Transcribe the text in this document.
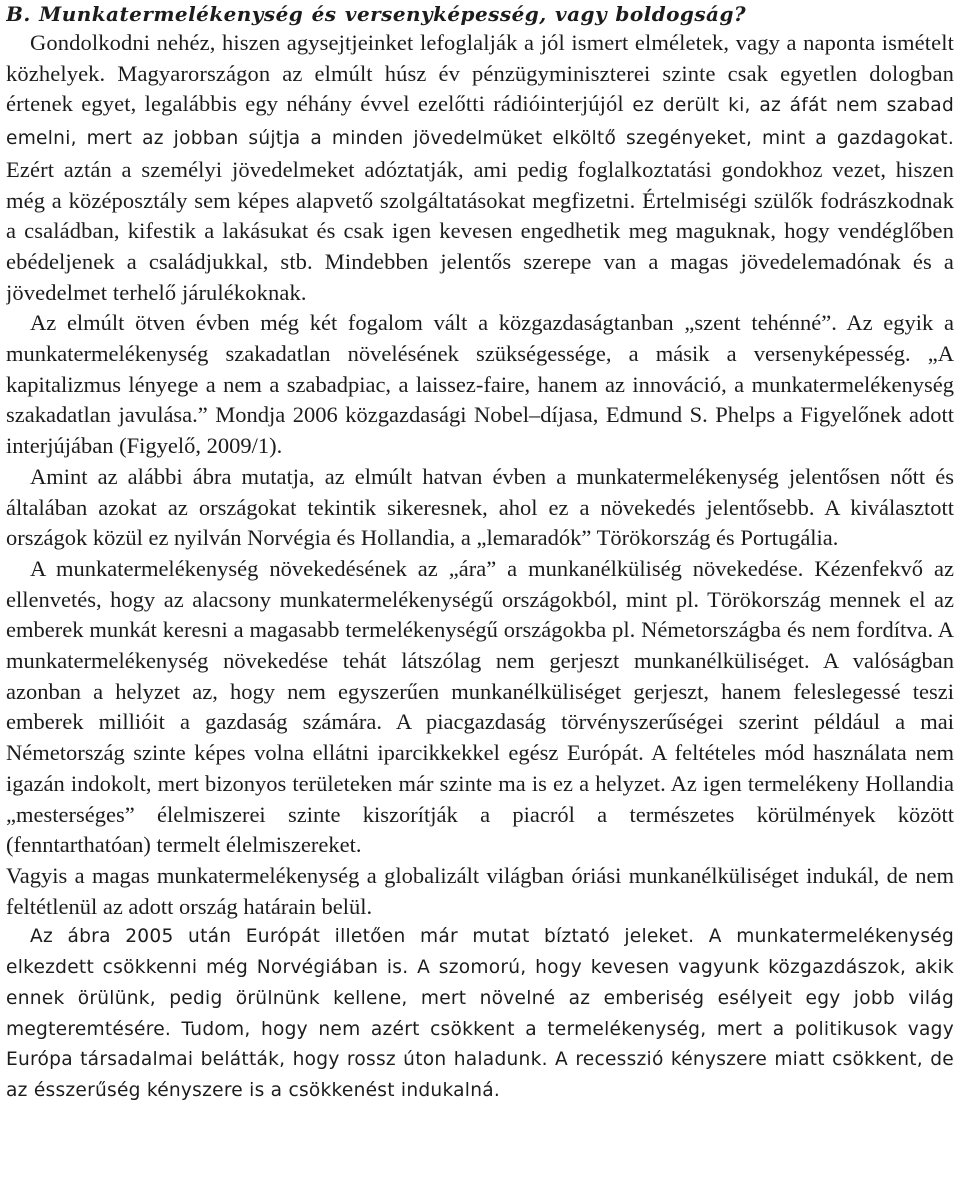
B. Munkatermelékenység és versenyképesség, vagy boldogság?

Gondolkodni nehéz, hiszen agysejtjeinket lefoglalják a jól ismert elméletek, vagy a naponta ismételt közhelyek. Magyarországon az elmúlt húsz év pénzügyminiszterei szinte csak egyetlen dologban értenek egyet, legalábbis egy néhány évvel ezelőtti rádióinterjújól ez derült ki, az áfát nem szabad emelni, mert az jobban sújtja a minden jövedelmüket elköltő szegényeket, mint a gazdagokat. Ezért aztán a személyi jövedelmeket adóztatják, ami pedig foglalkoztatási gondokhoz vezet, hiszen még a középosztály sem képes alapvető szolgáltatásokat megfizetni. Értelmiségi szülők fodrászkodnak a családban, kifestik a lakásukat és csak igen kevesen engedhetik meg maguknak, hogy vendéglőben ebédeljenek a családjukkal, stb. Mindebben jelentős szerepe van a magas jövedelemadónak és a jövedelmet terhelő járulékoknak.

Az elmúlt ötven évben még két fogalom vált a közgazdaságtanban „szent tehénné”. Az egyik a munkatermelékenység szakadatlan növelésének szükségessége, a másik a versenyképesség. „A kapitalizmus lényege a nem a szabadpiac, a laissez-faire, hanem az innováció, a munkatermelékenység szakadatlan javulása.” Mondja 2006 közgazdasági Nobel–díjasa, Edmund S. Phelps a Figyelőnek adott interjújában (Figyelő, 2009/1).

Amint az alábbi ábra mutatja, az elmúlt hatvan évben a munkatermelékenység jelentősen nőtt és általában azokat az országokat tekintik sikeresnek, ahol ez a növekedés jelentősebb. A kiválasztott országok közül ez nyilván Norvégia és Hollandia, a „lemaradók” Törökország és Portugália.

A munkatermelékenység növekedésének az „ára” a munkanélküliség növekedése. Kézenfekvő az ellenvetés, hogy az alacsony munkatermelékenységű országokból, mint pl. Törökország mennek el az emberek munkát keresni a magasabb termelékenységű országokba pl. Németországba és nem fordítva. A munkatermelékenység növekedése tehát látszólag nem gerjeszt munkanélküliséget. A valóságban azonban a helyzet az, hogy nem egyszerűen munkanélküliséget gerjeszt, hanem feleslegessé teszi emberek millióit a gazdaság számára. A piacgazdaság törvényszerűségei szerint például a mai Németország szinte képes volna ellátni iparcikkekkel egész Európát. A feltételes mód használata nem igazán indokolt, mert bizonyos területeken már szinte ma is ez a helyzet. Az igen termelékeny Hollandia „mesterséges” élelmiszerei szinte kiszorítják a piacról a természetes körülmények között (fenntarthatóan) termelt élelmiszereket.

Vagyis a magas munkatermelékenység a globalizált világban óriási munkanélküliséget indukál, de nem feltétlenül az adott ország határain belül.

Az ábra 2005 után Európát illetően már mutat bíztató jeleket. A munkatermelékenység elkezdett csökkenni még Norvégiában is. A szomorú, hogy kevesen vagyunk közgazdászok, akik ennek örülünk, pedig örülnünk kellene, mert növelné az emberiség esélyeit egy jobb világ megteremtésére. Tudom, hogy nem azért csökkent a termelékenység, mert a politikusok vagy Európa társadalmai belátták, hogy rossz úton haladunk. A recesszió kényszere miatt csökkent, de az ésszerűség kényszere is a csökkenést indukalná.
